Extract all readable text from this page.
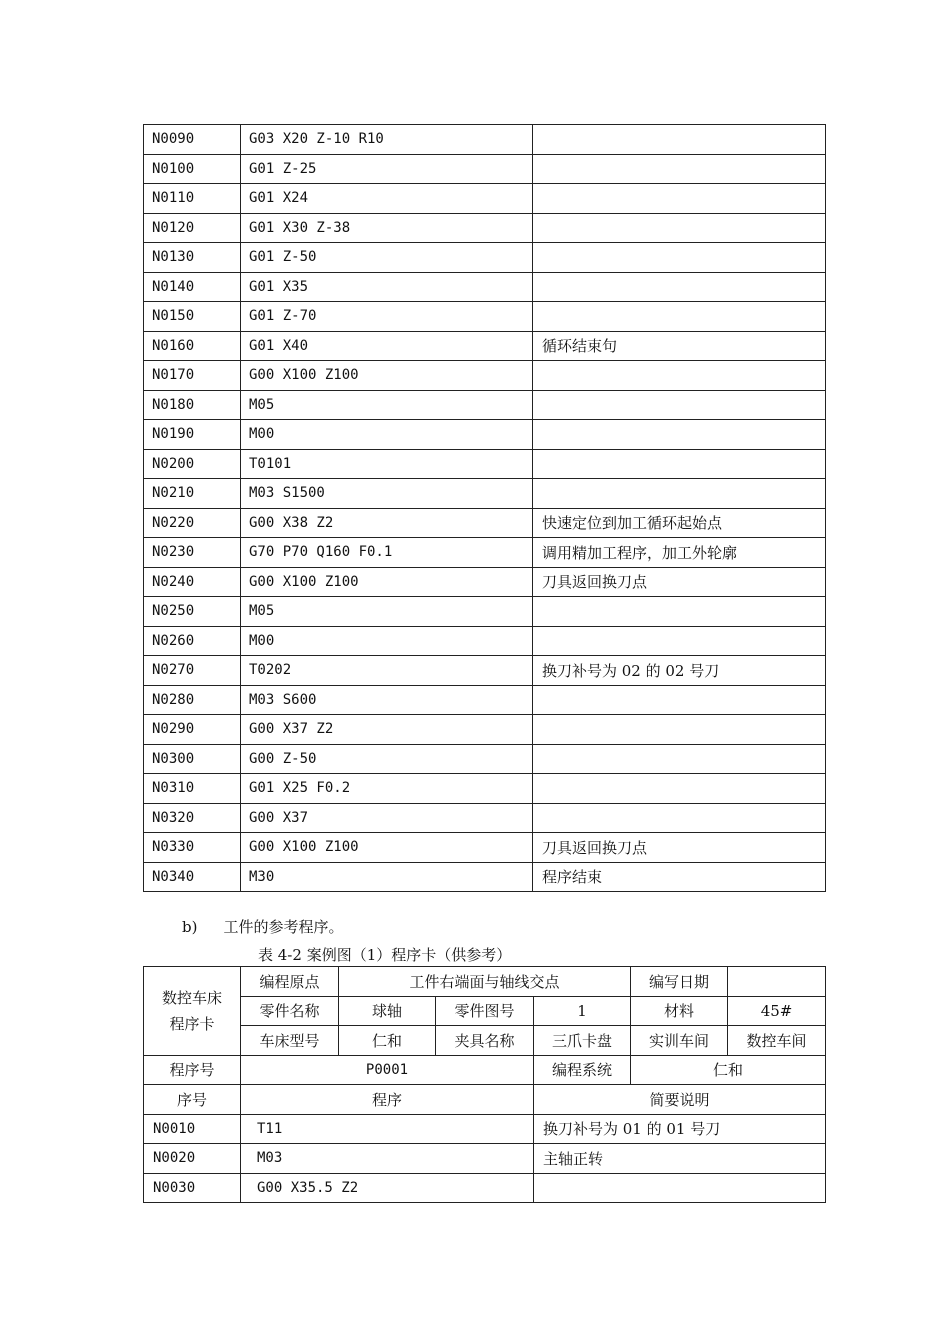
N0090	G03 X20 Z-10 R10	
N0100	G01 Z-25	
N0110	G01 X24	
N0120	G01 X30 Z-38	
N0130	G01 Z-50	
N0140	G01 X35	
N0150	G01 Z-70	
N0160	G01 X40	循环结束句
N0170	G00 X100 Z100	
N0180	M05	
N0190	M00	
N0200	T0101	
N0210	M03 S1500	
N0220	G00 X38 Z2	快速定位到加工循环起始点
N0230	G70 P70 Q160 F0.1	调用精加工程序，加工外轮廓
N0240	G00 X100 Z100	刀具返回换刀点
N0250	M05	
N0260	M00	
N0270	T0202	换刀补号为 02 的 02 号刀
N0280	M03 S600	
N0290	G00 X37 Z2	
N0300	G00 Z-50	
N0310	G01 X25 F0.2	
N0320	G00 X37	
N0330	G00 X100 Z100	刀具返回换刀点
N0340	M30	程序结束
b) 工件的参考程序。
表 4-2 案例图（1）程序卡（供参考）
数控车床
程序卡	编程原点	工件右端面与轴线交点			编写日期	
	零件名称	球轴	零件图号	1	材料	45#
	车床型号	仁和	夹具名称	三爪卡盘	实训车间	数控车间
程序号	P0001			编程系统	仁和	
序号	程序			简要说明		
N0010	T11			换刀补号为 01 的 01 号刀		
N0020	M03			主轴正转		
N0030	G00 X35.5 Z2					
